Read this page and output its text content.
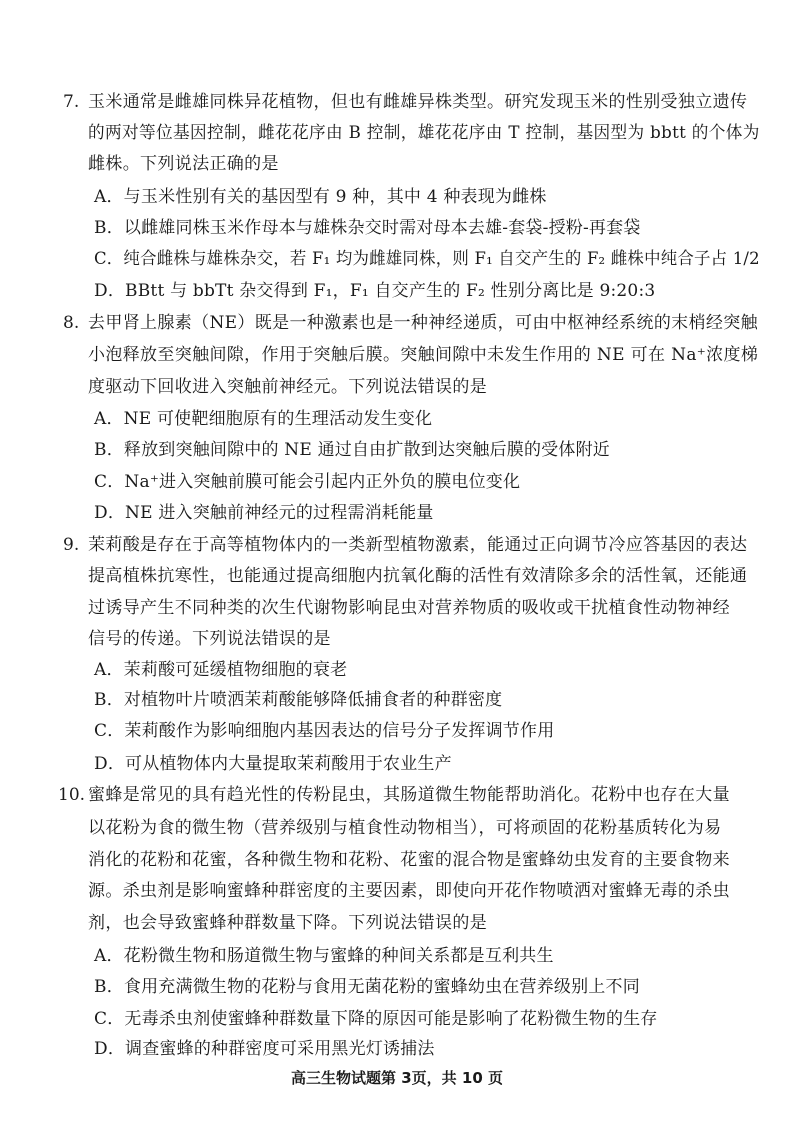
7. 玉米通常是雌雄同株异花植物，但也有雌雄异株类型。研究发现玉米的性别受独立遗传
的两对等位基因控制，雌花花序由 B 控制，雄花花序由 T 控制，基因型为 bbtt 的个体为
雌株。下列说法正确的是
A．与玉米性别有关的基因型有 9 种，其中 4 种表现为雌株
B．以雌雄同株玉米作母本与雄株杂交时需对母本去雄-套袋-授粉-再套袋
C．纯合雌株与雄株杂交，若 F₁ 均为雌雄同株，则 F₁ 自交产生的 F₂ 雌株中纯合子占 1/2
D．BBtt 与 bbTt 杂交得到 F₁，F₁ 自交产生的 F₂ 性别分离比是 9:20:3
8. 去甲肾上腺素（NE）既是一种激素也是一种神经递质，可由中枢神经系统的末梢经突触
小泡释放至突触间隙，作用于突触后膜。突触间隙中未发生作用的 NE 可在 Na⁺浓度梯
度驱动下回收进入突触前神经元。下列说法错误的是
A．NE 可使靶细胞原有的生理活动发生变化
B．释放到突触间隙中的 NE 通过自由扩散到达突触后膜的受体附近
C．Na⁺进入突触前膜可能会引起内正外负的膜电位变化
D．NE 进入突触前神经元的过程需消耗能量
9. 茉莉酸是存在于高等植物体内的一类新型植物激素，能通过正向调节冷应答基因的表达
提高植株抗寒性，也能通过提高细胞内抗氧化酶的活性有效清除多余的活性氧，还能通
过诱导产生不同种类的次生代谢物影响昆虫对营养物质的吸收或干扰植食性动物神经
信号的传递。下列说法错误的是
A．茉莉酸可延缓植物细胞的衰老
B．对植物叶片喷洒茉莉酸能够降低捕食者的种群密度
C．茉莉酸作为影响细胞内基因表达的信号分子发挥调节作用
D．可从植物体内大量提取茉莉酸用于农业生产
10. 蜜蜂是常见的具有趋光性的传粉昆虫，其肠道微生物能帮助消化。花粉中也存在大量
以花粉为食的微生物（营养级别与植食性动物相当），可将顽固的花粉基质转化为易
消化的花粉和花蜜，各种微生物和花粉、花蜜的混合物是蜜蜂幼虫发育的主要食物来
源。杀虫剂是影响蜜蜂种群密度的主要因素，即使向开花作物喷洒对蜜蜂无毒的杀虫
剂，也会导致蜜蜂种群数量下降。下列说法错误的是
A．花粉微生物和肠道微生物与蜜蜂的种间关系都是互利共生
B．食用充满微生物的花粉与食用无菌花粉的蜜蜂幼虫在营养级别上不同
C．无毒杀虫剂使蜜蜂种群数量下降的原因可能是影响了花粉微生物的生存
D．调查蜜蜂的种群密度可采用黑光灯诱捕法
高三生物试题第 3页，共 10 页
